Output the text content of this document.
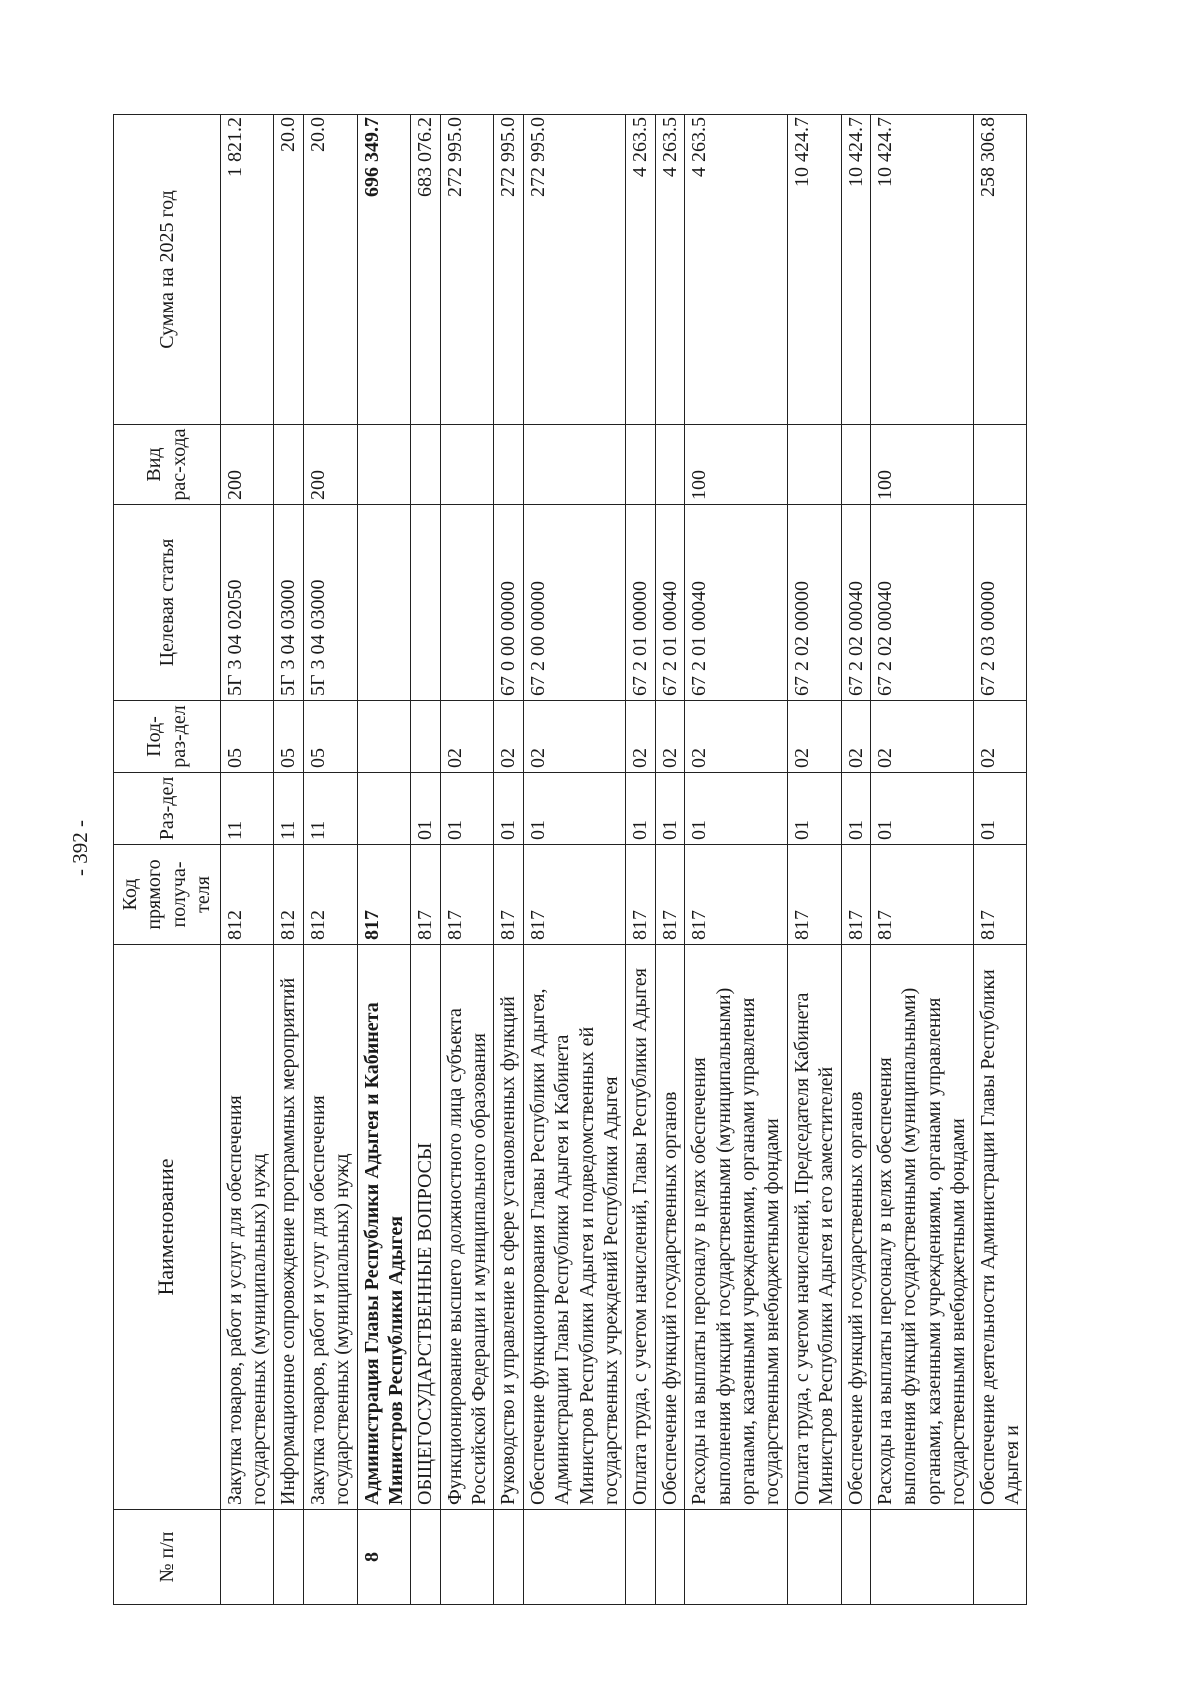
- 392 -
№ п/п	Наименование	Код прямого получа-теля	Раз-дел	Под-раз-дел	Целевая статья	Вид рас-хода	Сумма на 2025 год
	Закупка товаров, работ и услуг для обеспечения государственных (муниципальных) нужд	812	11	05	5Г 3 04 02050	200	1 821.2
	Информационное сопровождение программных мероприятий	812	11	05	5Г 3 04 03000		20.0
	Закупка товаров, работ и услуг для обеспечения государственных (муниципальных) нужд	812	11	05	5Г 3 04 03000	200	20.0
8	Администрация Главы Республики Адыгея и Кабинета Министров Республики Адыгея	817					696 349.7
	ОБЩЕГОСУДАРСТВЕННЫЕ ВОПРОСЫ	817	01				683 076.2
	Функционирование высшего должностного лица субъекта Российской Федерации и муниципального образования	817	01	02			272 995.0
	Руководство и управление в сфере установленных функций	817	01	02	67 0 00 00000		272 995.0
	Обеспечение функционирования Главы Республики Адыгея, Администрации Главы Республики Адыгея и Кабинета Министров Республики Адыгея и подведомственных ей государственных учреждений Республики Адыгея	817	01	02	67 2 00 00000		272 995.0
	Оплата труда, с учетом начислений, Главы Республики Адыгея	817	01	02	67 2 01 00000		4 263.5
	Обеспечение функций государственных органов	817	01	02	67 2 01 00040		4 263.5
	Расходы на выплаты персоналу в целях обеспечения выполнения функций государственными (муниципальными) органами, казенными учреждениями, органами управления государственными внебюджетными фондами	817	01	02	67 2 01 00040	100	4 263.5
	Оплата труда, с учетом начислений, Председателя Кабинета Министров Республики Адыгея и его заместителей	817	01	02	67 2 02 00000		10 424.7
	Обеспечение функций государственных органов	817	01	02	67 2 02 00040		10 424.7
	Расходы на выплаты персоналу в целях обеспечения выполнения функций государственными (муниципальными) органами, казенными учреждениями, органами управления государственными внебюджетными фондами	817	01	02	67 2 02 00040	100	10 424.7
	Обеспечение деятельности Администрации Главы Республики Адыгея и	817	01	02	67 2 03 00000		258 306.8
